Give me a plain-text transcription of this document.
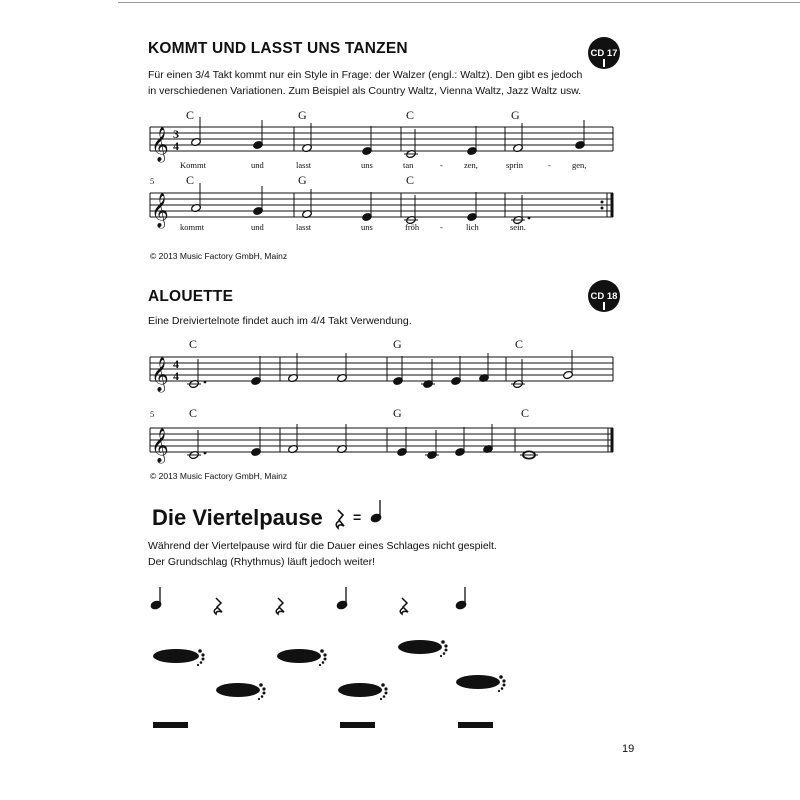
KOMMT UND LASST UNS TANZEN	CD 17
Für einen 3/4 Takt kommt nur ein Style in Frage: der Walzer (engl.: Waltz). Den gibt es jedoch
in verschiedenen Variationen. Zum Beispiel als Country Waltz, Vienna Waltz, Jazz Waltz usw.
𝄞 3
4
C	G	C	G
Kommt	und	lasst	uns	tan	- zen,	sprin	- gen,
5
𝄞
C	G	C
kommt	und	lasst	uns	fröh -	lich	sein.
𝄞 4
4
C	G	C
5
𝄞
C	G	C
© 2013 Music Factory GmbH, Mainz
ALOUETTE	CD 18
Eine Dreiviertelnote findet auch im 4/4 Takt Verwendung.
© 2013 Music Factory GmbH, Mainz
Die Viertelpause =
Während der Viertelpause wird für die Dauer eines Schlages nicht gespielt.
Der Grundschlag (Rhythmus) läuft jedoch weiter!
19
